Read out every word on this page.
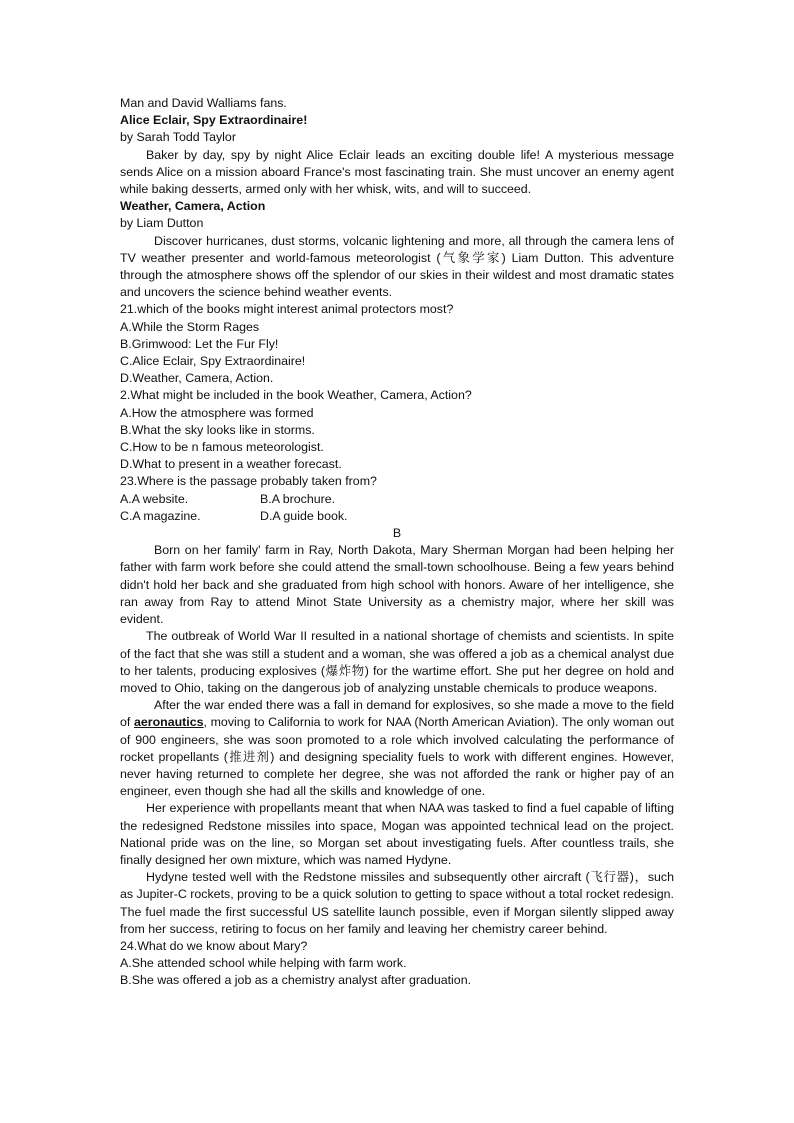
Man and David Walliams fans.
Alice Eclair, Spy Extraordinaire!
by Sarah Todd Taylor

Baker by day, spy by night Alice Eclair leads an exciting double life! A mysterious message sends Alice on a mission aboard France's most fascinating train. She must uncover an enemy agent while baking desserts, armed only with her whisk, wits, and will to succeed.

Weather, Camera, Action
by Liam Dutton

Discover hurricanes, dust storms, volcanic lightening and more, all through the camera lens of TV weather presenter and world-famous meteorologist (气象学家) Liam Dutton. This adventure through the atmosphere shows off the splendor of our skies in their wildest and most dramatic states and uncovers the science behind weather events.

21.which of the books might interest animal protectors most?
A.While the Storm Rages
B.Grimwood: Let the Fur Fly!
C.Alice Eclair, Spy Extraordinaire!
D.Weather, Camera, Action.
2.What might be included in the book Weather, Camera, Action?
A.How the atmosphere was formed
B.What the sky looks like in storms.
C.How to be n famous meteorologist.
D.What to present in a weather forecast.
23.Where is the passage probably taken from?
A.A website.	B.A brochure.
C.A magazine.	D.A guide book.
B

Born on her family' farm in Ray, North Dakota, Mary Sherman Morgan had been helping her father with farm work before she could attend the small-town schoolhouse. Being a few years behind didn't hold her back and she graduated from high school with honors. Aware of her intelligence, she ran away from Ray to attend Minot State University as a chemistry major, where her skill was evident.

The outbreak of World War II resulted in a national shortage of chemists and scientists. In spite of the fact that she was still a student and a woman, she was offered a job as a chemical analyst due to her talents, producing explosives (爆炸物) for the wartime effort. She put her degree on hold and moved to Ohio, taking on the dangerous job of analyzing unstable chemicals to produce weapons.

After the war ended there was a fall in demand for explosives, so she made a move to the field of aeronautics, moving to California to work for NAA (North American Aviation). The only woman out of 900 engineers, she was soon promoted to a role which involved calculating the performance of rocket propellants (推进剂) and designing speciality fuels to work with different engines. However, never having returned to complete her degree, she was not afforded the rank or higher pay of an engineer, even though she had all the skills and knowledge of one.

Her experience with propellants meant that when NAA was tasked to find a fuel capable of lifting the redesigned Redstone missiles into space, Mogan was appointed technical lead on the project. National pride was on the line, so Morgan set about investigating fuels. After countless trails, she finally designed her own mixture, which was named Hydyne.

Hydyne tested well with the Redstone missiles and subsequently other aircraft (飞行器)，such as Jupiter-C rockets, proving to be a quick solution to getting to space without a total rocket redesign. The fuel made the first successful US satellite launch possible, even if Morgan silently slipped away from her success, retiring to focus on her family and leaving her chemistry career behind.

24.What do we know about Mary?
A.She attended school while helping with farm work.
B.She was offered a job as a chemistry analyst after graduation.
